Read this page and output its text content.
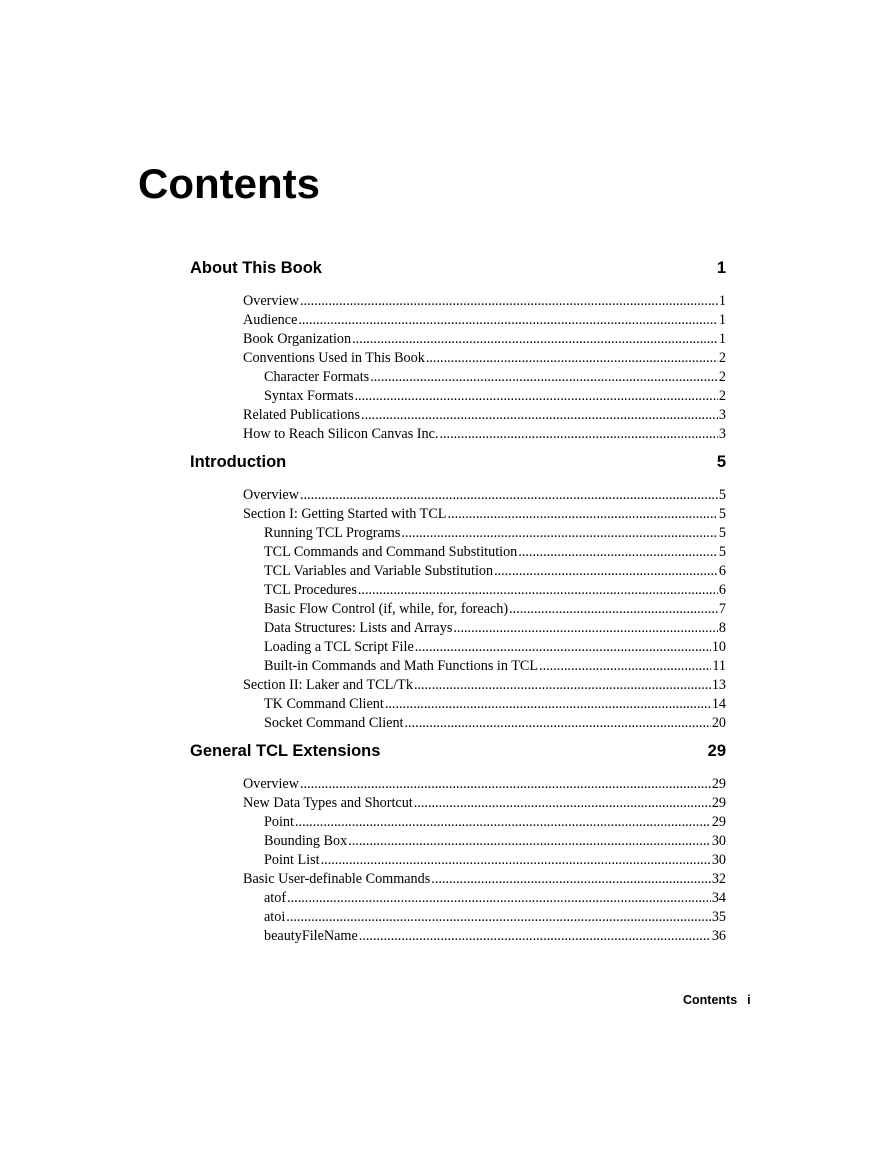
Contents
About This Book	1
Overview .....	1
Audience .....	1
Book Organization .....	1
Conventions Used in This Book .....	2
Character Formats .....	2
Syntax Formats .....	2
Related Publications .....	3
How to Reach Silicon Canvas Inc. .....	3
Introduction	5
Overview .....	5
Section I: Getting Started with TCL .....	5
Running TCL Programs .....	5
TCL Commands and Command Substitution .....	5
TCL Variables and Variable Substitution .....	6
TCL Procedures .....	6
Basic Flow Control (if, while, for, foreach) .....	7
Data Structures: Lists and Arrays .....	8
Loading a TCL Script File .....	10
Built-in Commands and Math Functions in TCL .....	11
Section II: Laker and TCL/Tk .....	13
TK Command Client .....	14
Socket Command Client .....	20
General TCL Extensions	29
Overview .....	29
New Data Types and Shortcut .....	29
Point .....	29
Bounding Box .....	30
Point List .....	30
Basic User-definable Commands .....	32
atof .....	34
atoi .....	35
beautyFileName .....	36
Contents i
